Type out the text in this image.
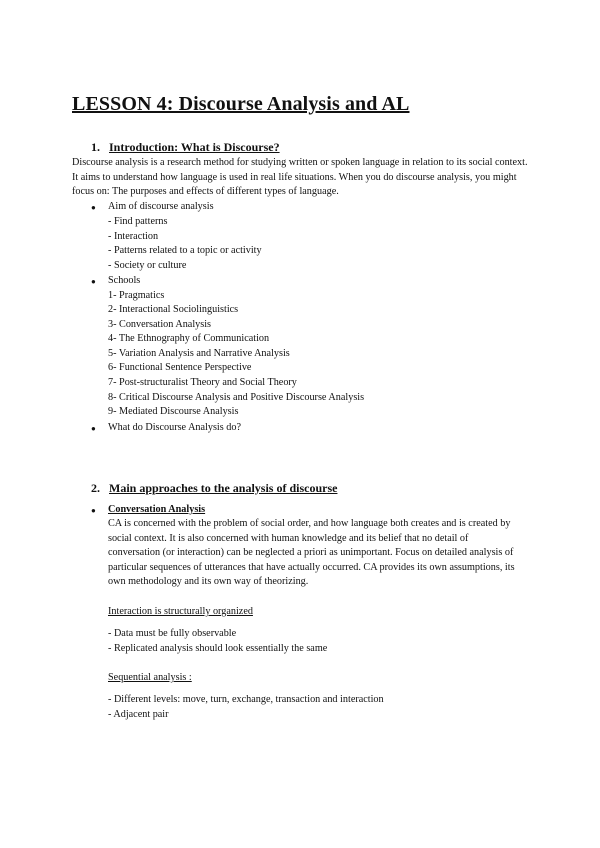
LESSON 4: Discourse Analysis and AL
1. Introduction: What is Discourse?

Discourse analysis is a research method for studying written or spoken language in relation to its social context. It aims to understand how language is used in real life situations. When you do discourse analysis, you might focus on: The purposes and effects of different types of language.

● Aim of discourse analysis
- Find patterns
- Interaction
- Patterns related to a topic or activity
- Society or culture
● Schools
1- Pragmatics
2- Interactional Sociolinguistics
3- Conversation Analysis
4- The Ethnography of Communication
5- Variation Analysis and Narrative Analysis
6- Functional Sentence Perspective
7- Post-structuralist Theory and Social Theory
8- Critical Discourse Analysis and Positive Discourse Analysis
9- Mediated Discourse Analysis
● What do Discourse Analysis do?
2. Main approaches to the analysis of discourse
● Conversation Analysis

CA is concerned with the problem of social order, and how language both creates and is created by social context. It is also concerned with human knowledge and its belief that no detail of conversation (or interaction) can be neglected a priori as unimportant. Focus on detailed analysis of particular sequences of utterances that have actually occurred. CA provides its own assumptions, its own methodology and its own way of theorizing.

Interaction is structurally organized
- Data must be fully observable
- Replicated analysis should look essentially the same
Sequential analysis :
- Different levels: move, turn, exchange, transaction and interaction
- Adjacent pair
